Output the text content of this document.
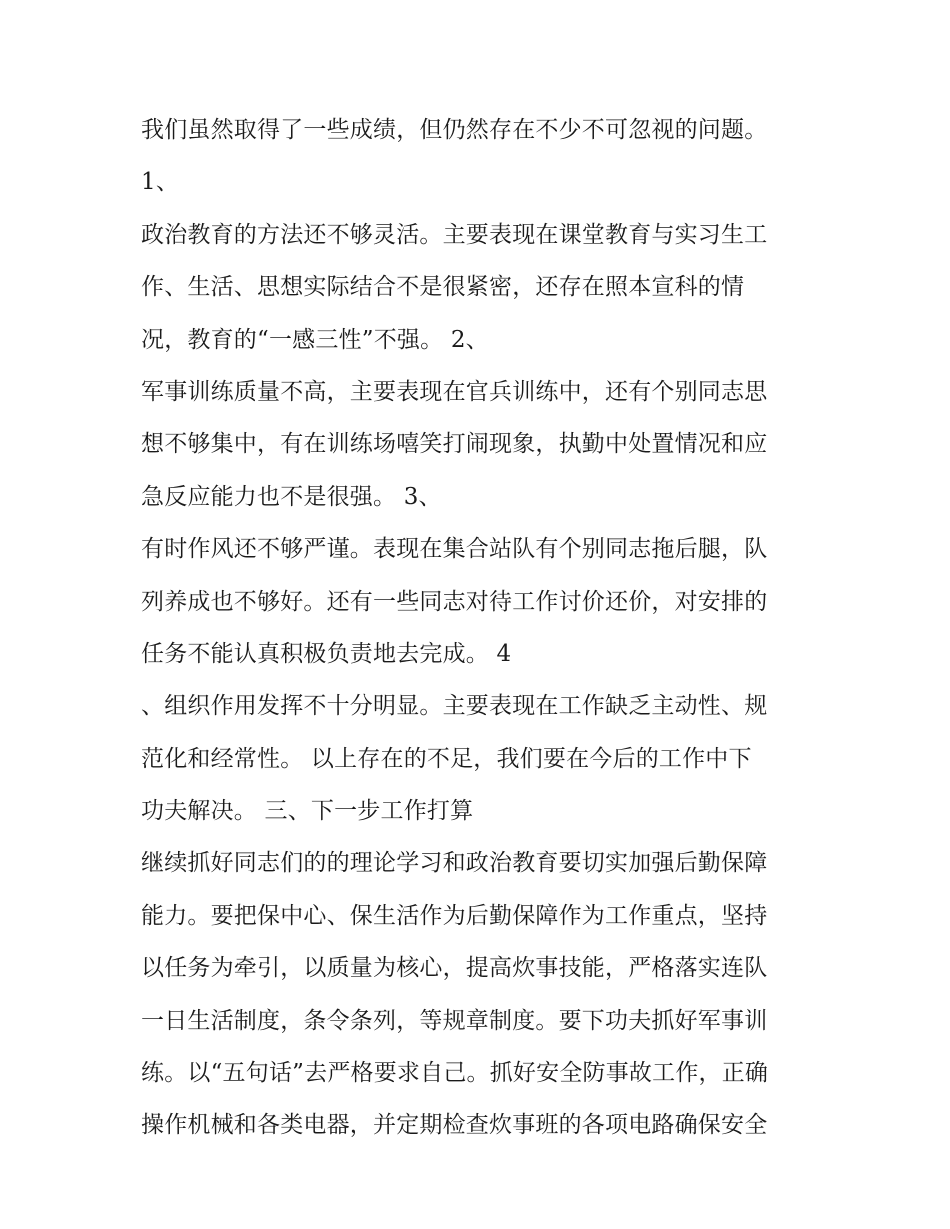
我们虽然取得了一些成绩，但仍然存在不少不可忽视的问题。
1、
政治教育的方法还不够灵活。主要表现在课堂教育与实习生工
作、生活、思想实际结合不是很紧密，还存在照本宣科的情
况，教育的“一感三性”不强。 2、
军事训练质量不高，主要表现在官兵训练中，还有个别同志思
想不够集中，有在训练场嘻笑打闹现象，执勤中处置情况和应
急反应能力也不是很强。 3、
有时作风还不够严谨。表现在集合站队有个别同志拖后腿，队
列养成也不够好。还有一些同志对待工作讨价还价，对安排的
任务不能认真积极负责地去完成。 4
、组织作用发挥不十分明显。主要表现在工作缺乏主动性、规
范化和经常性。 以上存在的不足，我们要在今后的工作中下
功夫解决。 三、下一步工作打算
继续抓好同志们的的理论学习和政治教育要切实加强后勤保障
能力。要把保中心、保生活作为后勤保障作为工作重点，坚持
以任务为牵引，以质量为核心，提高炊事技能，严格落实连队
一日生活制度，条令条列，等规章制度。要下功夫抓好军事训
练。以“五句话”去严格要求自己。抓好安全防事故工作，正确
操作机械和各类电器，并定期检查炊事班的各项电路确保安全
